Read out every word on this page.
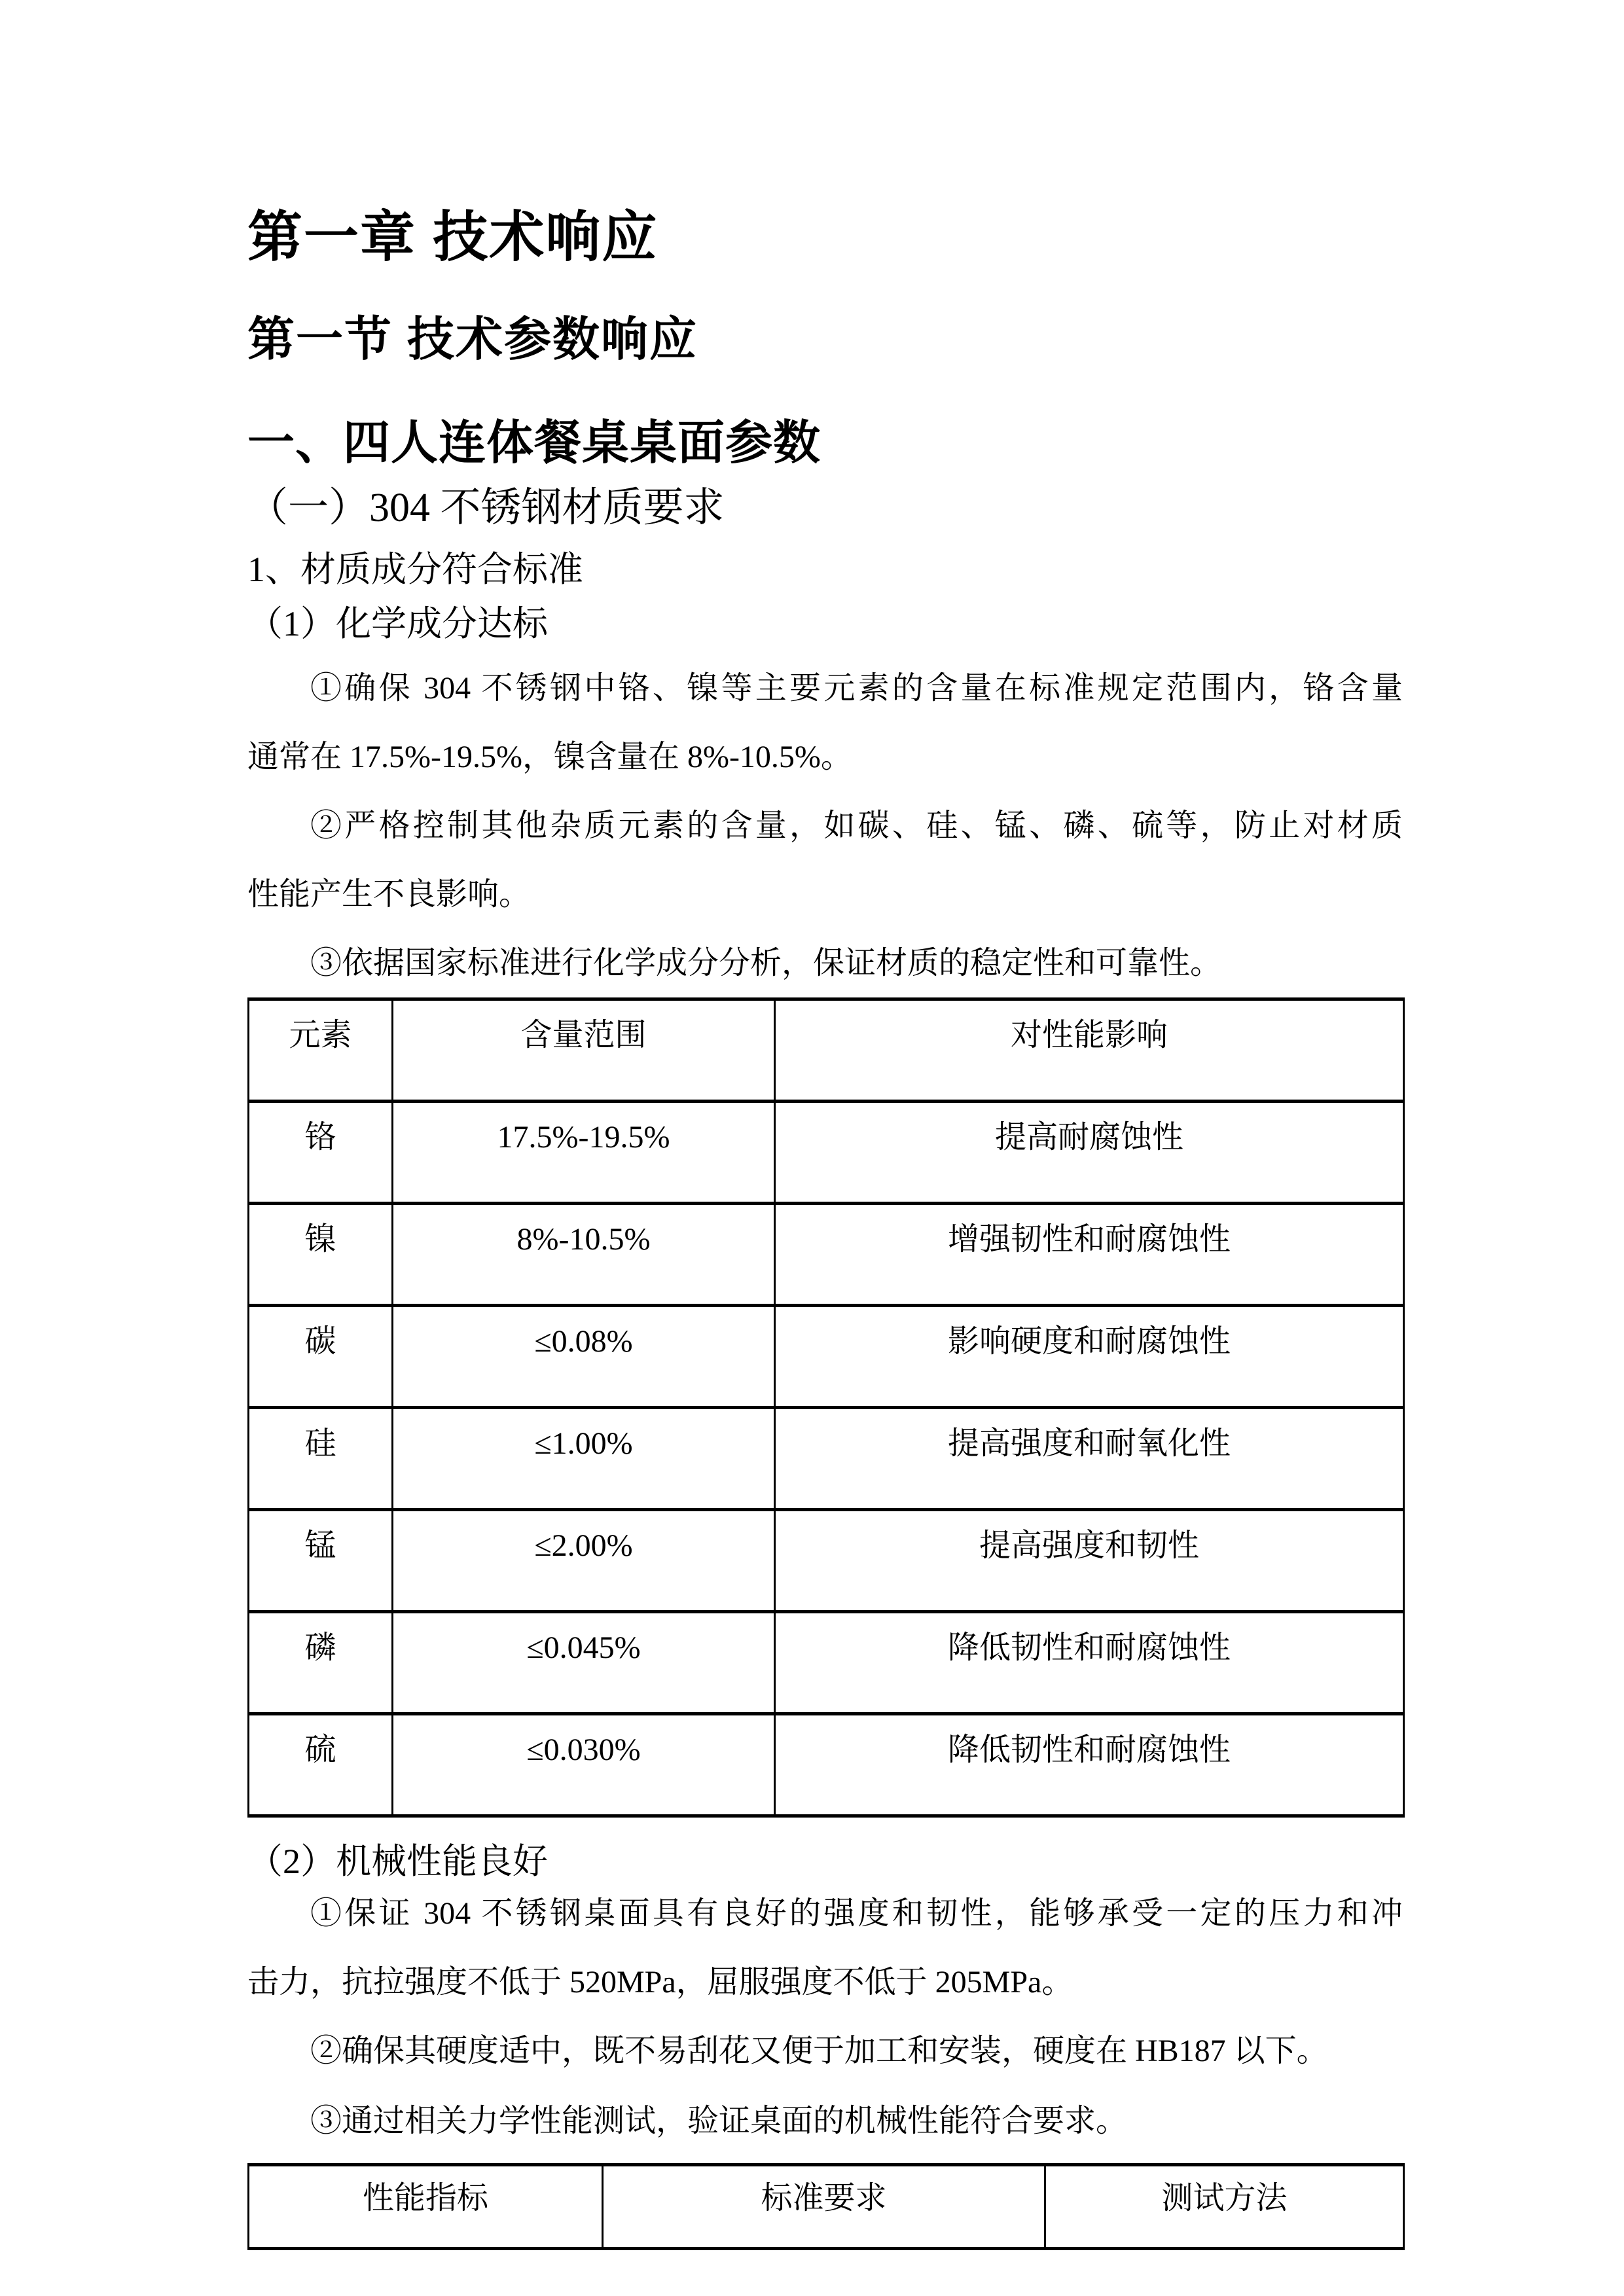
第一章 技术响应
第一节 技术参数响应
一、四人连体餐桌桌面参数
（一）304 不锈钢材质要求
1、材质成分符合标准
（1）化学成分达标
①确保 304 不锈钢中铬、镍等主要元素的含量在标准规定范围内，铬含量
通常在 17.5%-19.5%，镍含量在 8%-10.5%。
②严格控制其他杂质元素的含量，如碳、硅、锰、磷、硫等，防止对材质
性能产生不良影响。
③依据国家标准进行化学成分分析，保证材质的稳定性和可靠性。
元素	含量范围	对性能影响
铬	17.5%-19.5%	提高耐腐蚀性
镍	8%-10.5%	增强韧性和耐腐蚀性
碳	≤0.08%	影响硬度和耐腐蚀性
硅	≤1.00%	提高强度和耐氧化性
锰	≤2.00%	提高强度和韧性
磷	≤0.045%	降低韧性和耐腐蚀性
硫	≤0.030%	降低韧性和耐腐蚀性
（2）机械性能良好
①保证 304 不锈钢桌面具有良好的强度和韧性，能够承受一定的压力和冲
击力，抗拉强度不低于 520MPa，屈服强度不低于 205MPa。
②确保其硬度适中，既不易刮花又便于加工和安装，硬度在 HB187 以下。
③通过相关力学性能测试，验证桌面的机械性能符合要求。
性能指标	标准要求	测试方法
